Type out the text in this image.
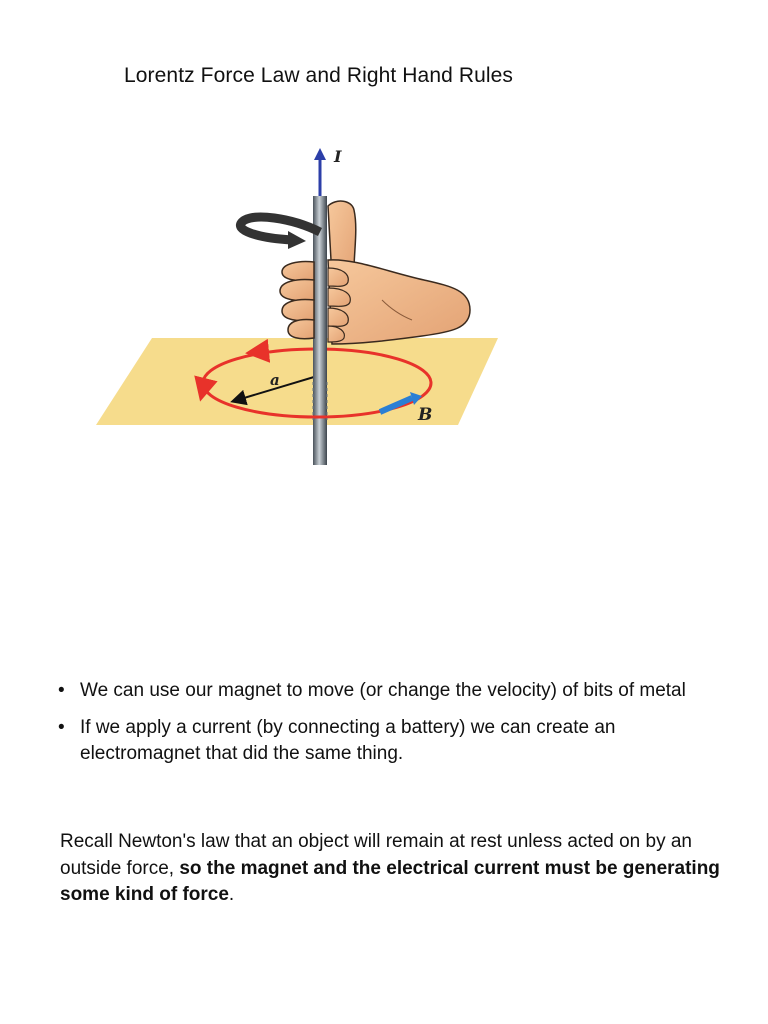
Lorentz Force Law and Right Hand Rules
a
B
I
• We can use our magnet to move (or change the velocity) of bits of metal
• If we apply a current (by connecting a battery) we can create an electromagnet that did the same thing.

Recall Newton's law that an object will remain at rest unless acted on by an outside force, so the magnet and the electrical current must be generating some kind of force.
